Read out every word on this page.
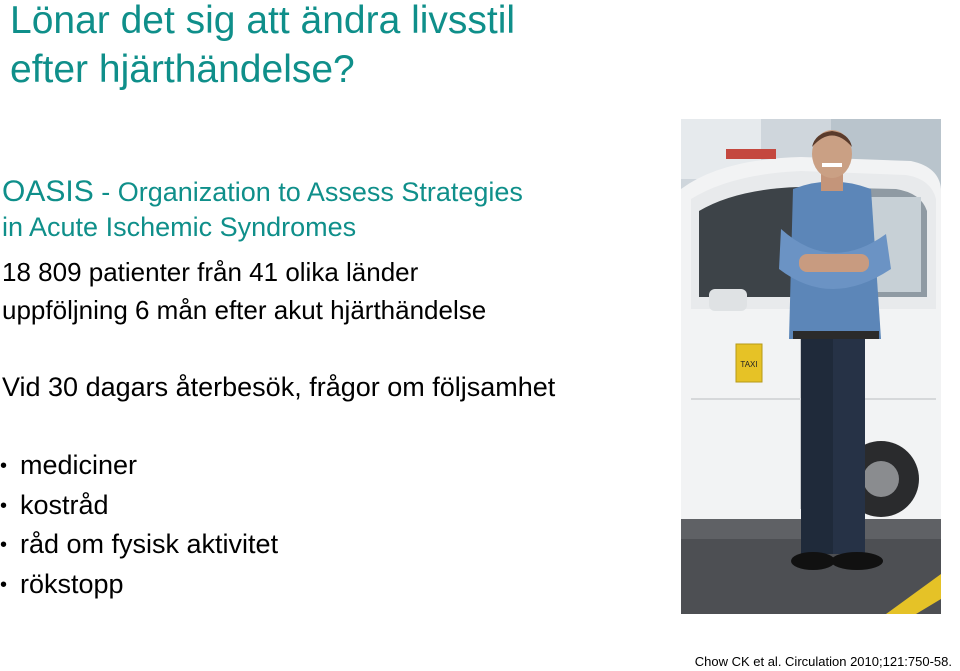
Lönar det sig att ändra livsstil
efter hjärthändelse?
OASIS - Organization to Assess Strategies
in Acute Ischemic Syndromes
18 809 patienter från 41 olika länder
uppföljning 6 mån efter akut hjärthändelse
Vid 30 dagars återbesök, frågor om följsamhet
• mediciner
• kostråd
• råd om fysisk aktivitet
• rökstopp
TAXI
Chow CK et al. Circulation 2010;121:750-58.
